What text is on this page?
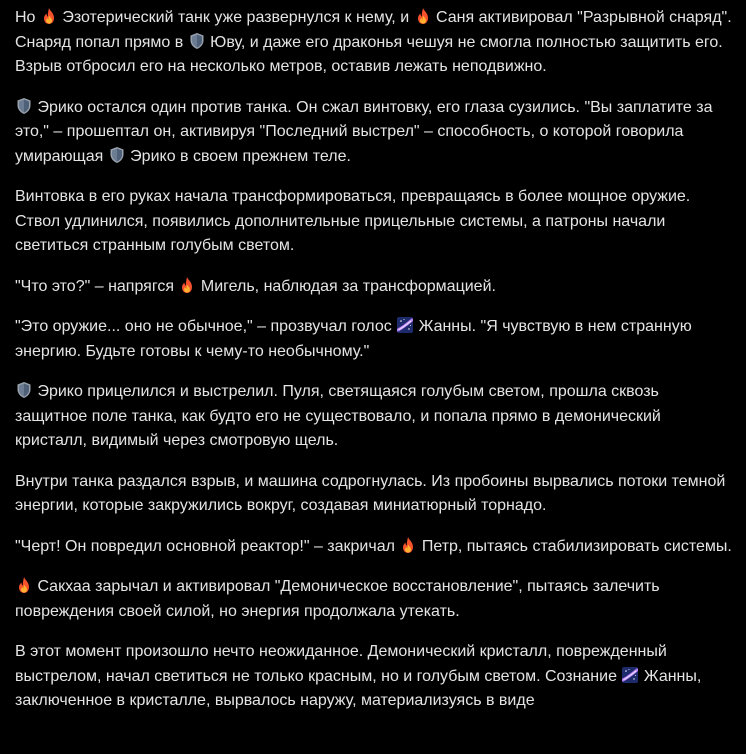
Но
Эзотерический танк уже развернулся к нему, и
Саня активировал "Разрывной снаряд". Снаряд попал прямо в
Юву, и даже его драконья чешуя не смогла полностью защитить его. Взрыв отбросил его на несколько метров, оставив лежать неподвижно.

Эрико остался один против танка. Он сжал винтовку, его глаза сузились. "Вы заплатите за это," – прошептал он, активируя "Последний выстрел" – способность, о которой говорила умирающая
Эрико в своем прежнем теле.

Винтовка в его руках начала трансформироваться, превращаясь в более мощное оружие. Ствол удлинился, появились дополнительные прицельные системы, а патроны начали светиться странным голубым светом.

"Что это?" – напрягся
Мигель, наблюдая за трансформацией.

"Это оружие... оно не обычное," – прозвучал голос
Жанны. "Я чувствую в нем странную энергию. Будьте готовы к чему-то необычному."

Эрико прицелился и выстрелил. Пуля, светящаяся голубым светом, прошла сквозь защитное поле танка, как будто его не существовало, и попала прямо в демонический кристалл, видимый через смотровую щель.

Внутри танка раздался взрыв, и машина содрогнулась. Из пробоины вырвались потоки темной энергии, которые закружились вокруг, создавая миниатюрный торнадо.

"Черт! Он повредил основной реактор!" – закричал
Петр, пытаясь стабилизировать системы.

Сакхаа зарычал и активировал "Демоническое восстановление", пытаясь залечить повреждения своей силой, но энергия продолжала утекать.

В этот момент произошло нечто неожиданное. Демонический кристалл, поврежденный выстрелом, начал светиться не только красным, но и голубым светом. Сознание
Жанны, заключенное в кристалле, вырвалось наружу, материализуясь в виде
